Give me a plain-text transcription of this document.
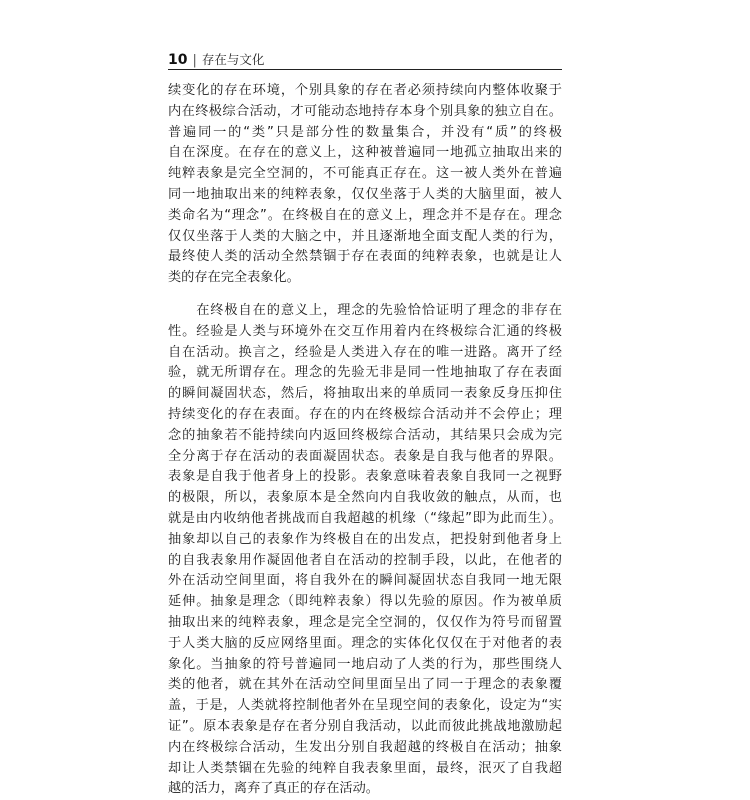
10 | 存在与文化
续变化的存在环境，个别具象的存在者必须持续向内整体收聚于
内在终极综合活动，才可能动态地持存本身个别具象的独立自在。
普遍同一的“类”只是部分性的数量集合，并没有“质”的终极
自在深度。在存在的意义上，这种被普遍同一地孤立抽取出来的
纯粹表象是完全空洞的，不可能真正存在。这一被人类外在普遍
同一地抽取出来的纯粹表象，仅仅坐落于人类的大脑里面，被人
类命名为“理念”。在终极自在的意义上，理念并不是存在。理念
仅仅坐落于人类的大脑之中，并且逐渐地全面支配人类的行为，
最终使人类的活动全然禁锢于存在表面的纯粹表象，也就是让人
类的存在完全表象化。
　　在终极自在的意义上，理念的先验恰恰证明了理念的非存在
性。经验是人类与环境外在交互作用着内在终极综合汇通的终极
自在活动。换言之，经验是人类进入存在的唯一进路。离开了经
验，就无所谓存在。理念的先验无非是同一性地抽取了存在表面
的瞬间凝固状态，然后，将抽取出来的单质同一表象反身压抑住
持续变化的存在表面。存在的内在终极综合活动并不会停止；理
念的抽象若不能持续向内返回终极综合活动，其结果只会成为完
全分离于存在活动的表面凝固状态。表象是自我与他者的界限。
表象是自我于他者身上的投影。表象意味着表象自我同一之视野
的极限，所以，表象原本是全然向内自我收敛的触点，从而，也
就是由内收纳他者挑战而自我超越的机缘（“缘起”即为此而生）。
抽象却以自己的表象作为终极自在的出发点，把投射到他者身上
的自我表象用作凝固他者自在活动的控制手段，以此，在他者的
外在活动空间里面，将自我外在的瞬间凝固状态自我同一地无限
延伸。抽象是理念（即纯粹表象）得以先验的原因。作为被单质
抽取出来的纯粹表象，理念是完全空洞的，仅仅作为符号而留置
于人类大脑的反应网络里面。理念的实体化仅仅在于对他者的表
象化。当抽象的符号普遍同一地启动了人类的行为，那些围绕人
类的他者，就在其外在活动空间里面呈出了同一于理念的表象覆
盖，于是，人类就将控制他者外在呈现空间的表象化，设定为“实
证”。原本表象是存在者分别自我活动，以此而彼此挑战地激励起
内在终极综合活动，生发出分别自我超越的终极自在活动；抽象
却让人类禁锢在先验的纯粹自我表象里面，最终，泯灭了自我超
越的活力，离弃了真正的存在活动。
